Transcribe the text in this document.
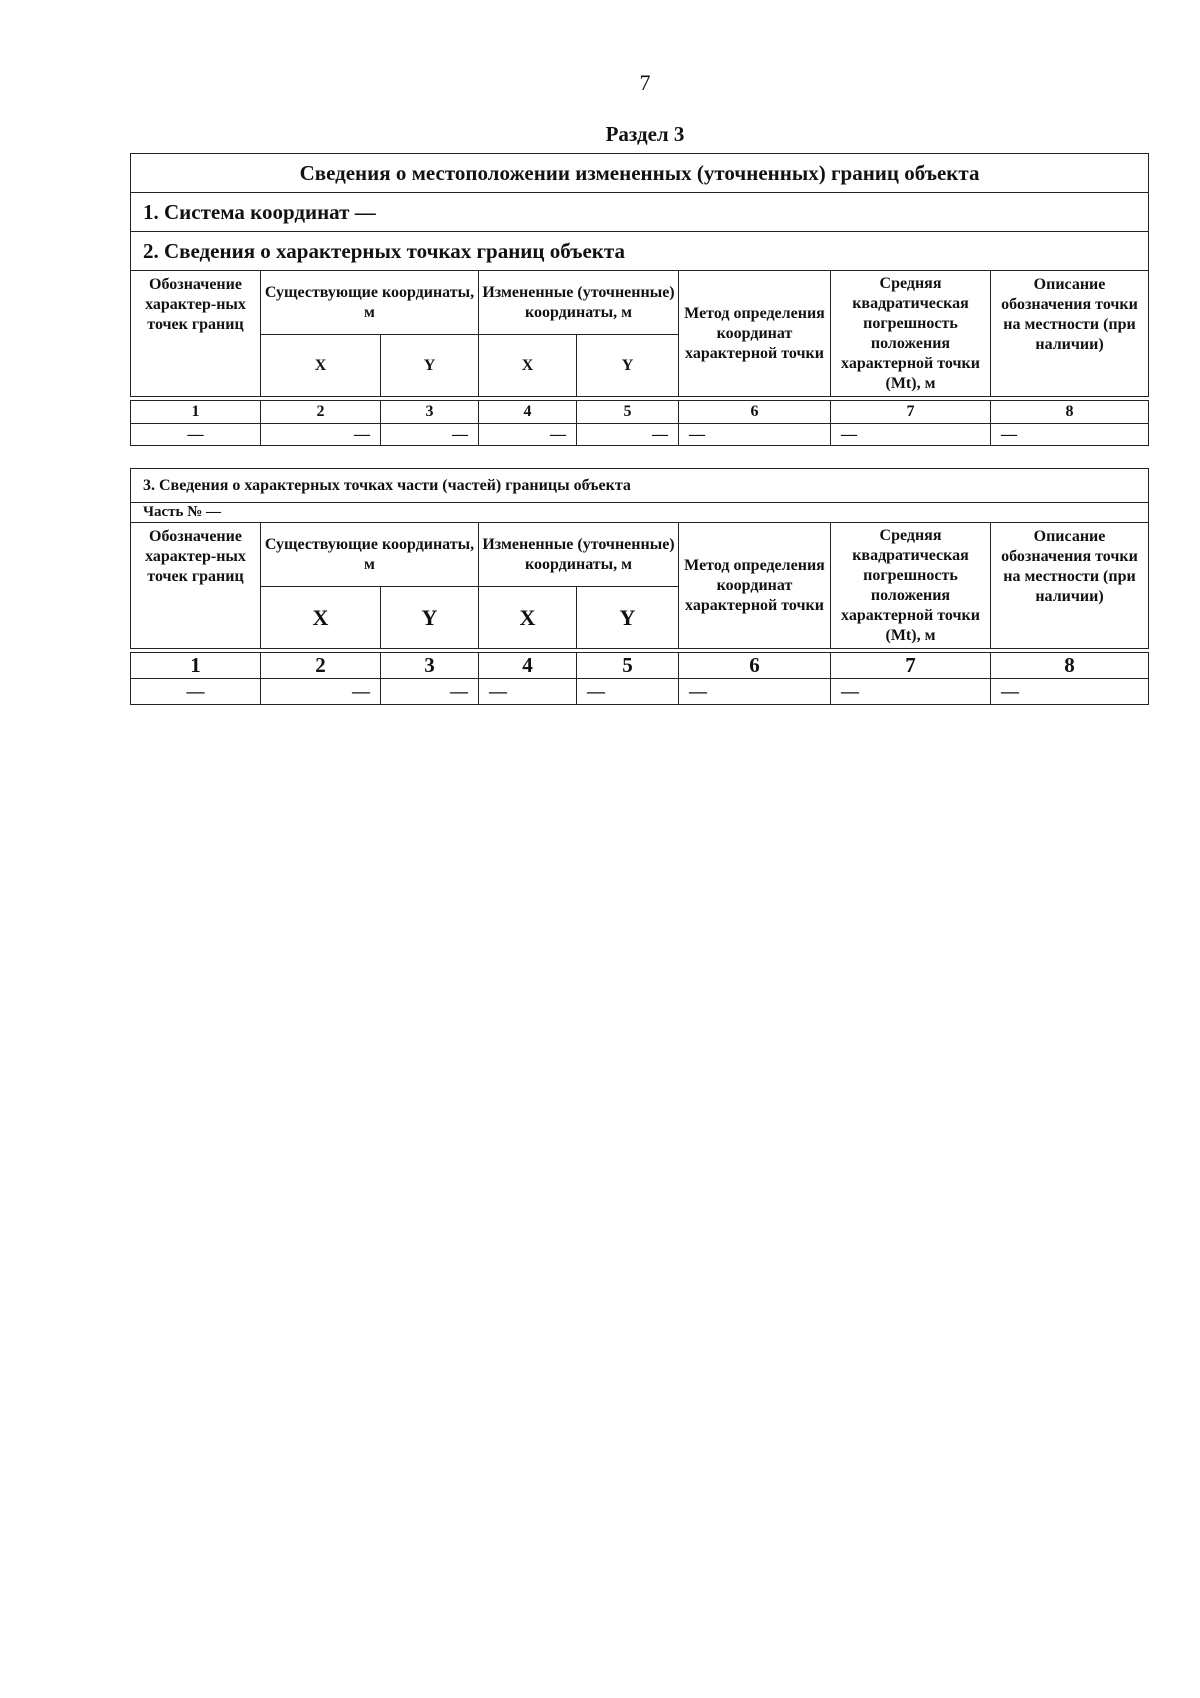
7
Раздел 3
Сведения о местоположении измененных (уточненных) границ объекта							
1. Система координат —							
2. Сведения о характерных точках границ объекта							
Обозначение характер-ных точек границ	Существующие координаты, м		Измененные (уточненные) координаты, м		Метод определения координат характерной точки	Средняя квадратическая погрешность положения характерной точки (Mt), м	Описание обозначения точки на местности (при наличии)
	X	Y	X	Y			

1	2	3	4	5	6	7	8
—	—	—	—	—	—	—	—
3. Сведения о характерных точках части (частей) границы объекта							
Часть № —							
Обозначение характер-ных точек границ	Существующие координаты, м		Измененные (уточненные) координаты, м		Метод определения координат характерной точки	Средняя квадратическая погрешность положения характерной точки (Mt), м	Описание обозначения точки на местности (при наличии)
	X	Y	X	Y			

1	2	3	4	5	6	7	8
—	—	—	—	—	—	—	—
